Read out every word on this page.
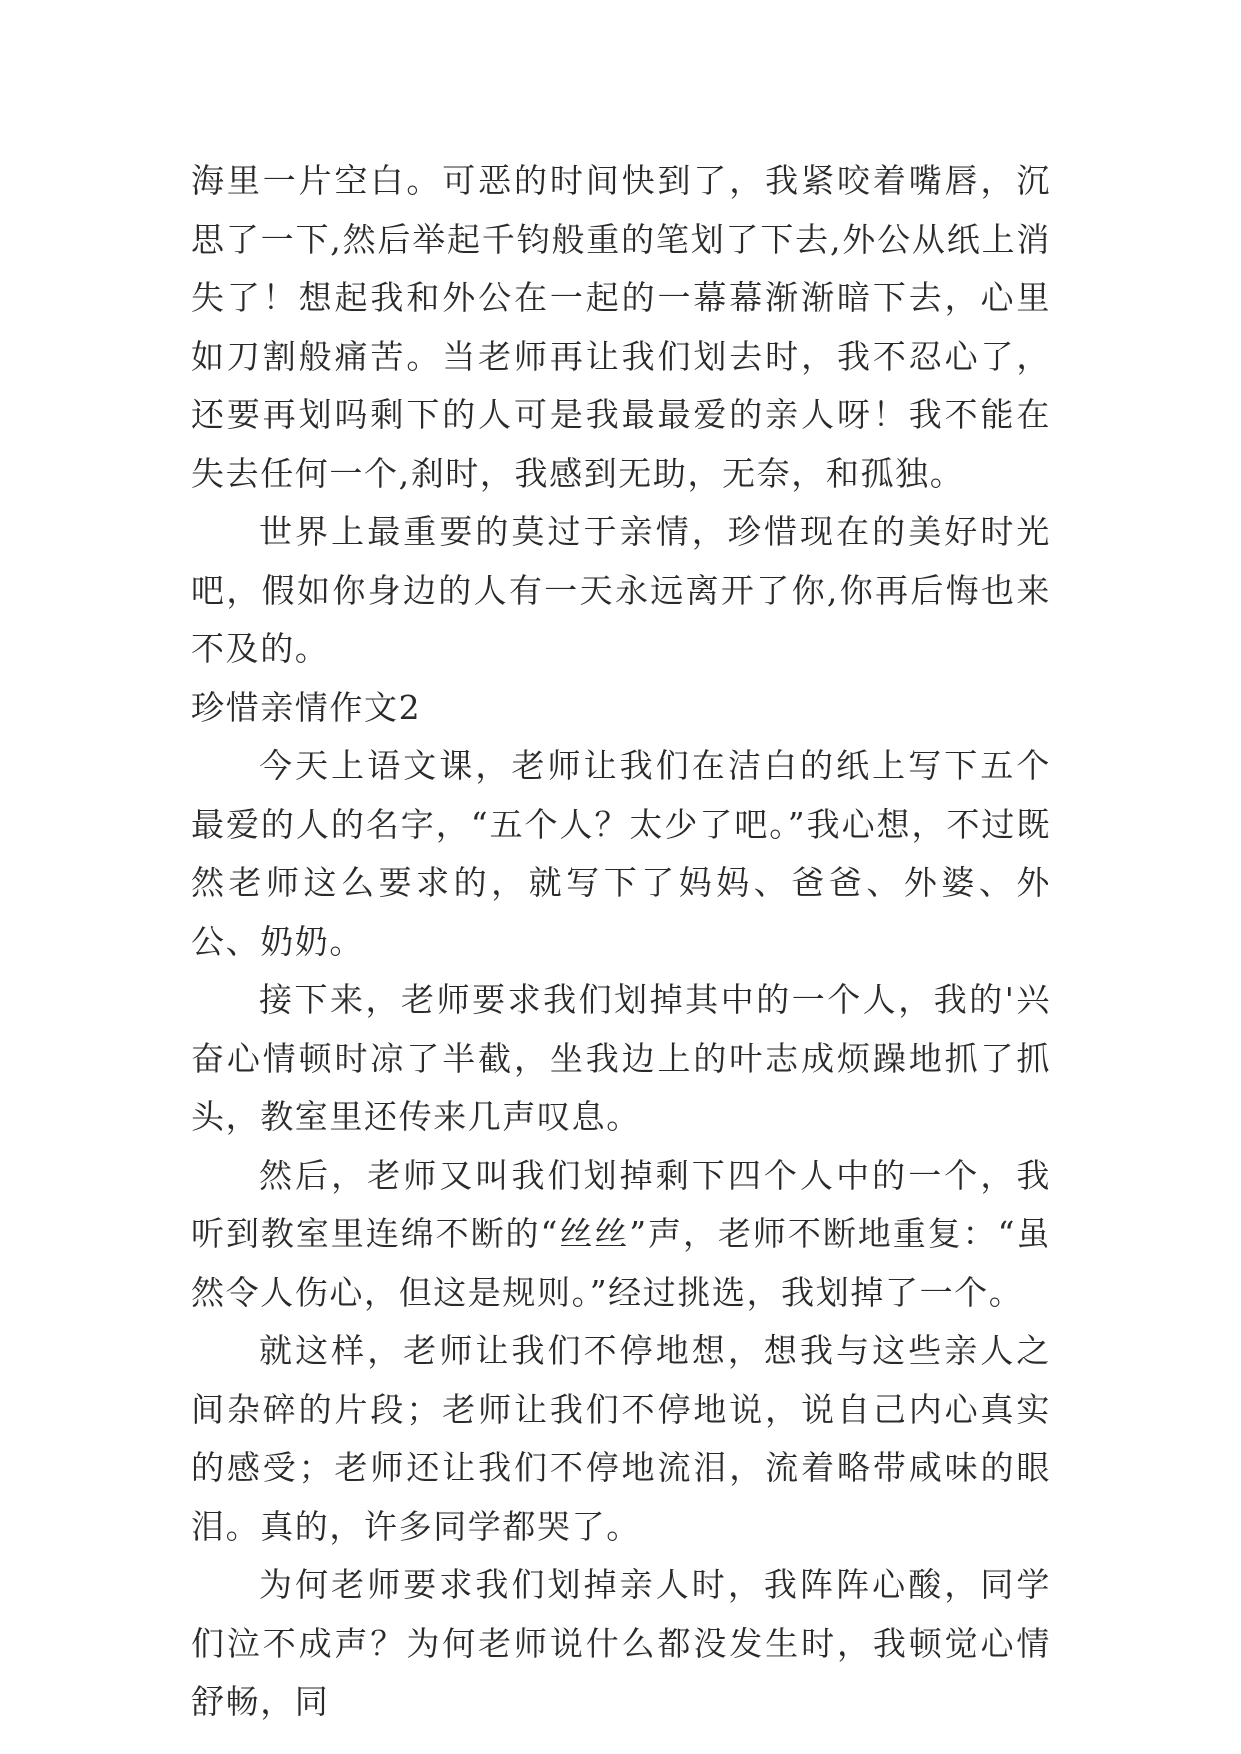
海里一片空白。可恶的时间快到了，我紧咬着嘴唇，沉思了一下,然后举起千钧般重的笔划了下去,外公从纸上消失了！想起我和外公在一起的一幕幕渐渐暗下去，心里如刀割般痛苦。当老师再让我们划去时，我不忍心了，还要再划吗剩下的人可是我最最爱的亲人呀！我不能在失去任何一个,刹时，我感到无助，无奈，和孤独。

世界上最重要的莫过于亲情，珍惜现在的美好时光吧，假如你身边的人有一天永远离开了你,你再后悔也来不及的。

珍惜亲情作文2

今天上语文课，老师让我们在洁白的纸上写下五个最爱的人的名字，“五个人？太少了吧。”我心想，不过既然老师这么要求的，就写下了妈妈、爸爸、外婆、外公、奶奶。

接下来，老师要求我们划掉其中的一个人，我的'兴奋心情顿时凉了半截，坐我边上的叶志成烦躁地抓了抓头，教室里还传来几声叹息。

然后，老师又叫我们划掉剩下四个人中的一个，我听到教室里连绵不断的“丝丝”声，老师不断地重复：“虽然令人伤心，但这是规则。”经过挑选，我划掉了一个。

就这样，老师让我们不停地想，想我与这些亲人之间杂碎的片段；老师让我们不停地说，说自己内心真实的感受；老师还让我们不停地流泪，流着略带咸味的眼泪。真的，许多同学都哭了。

为何老师要求我们划掉亲人时，我阵阵心酸，同学们泣不成声？为何老师说什么都没发生时，我顿觉心情舒畅，同
